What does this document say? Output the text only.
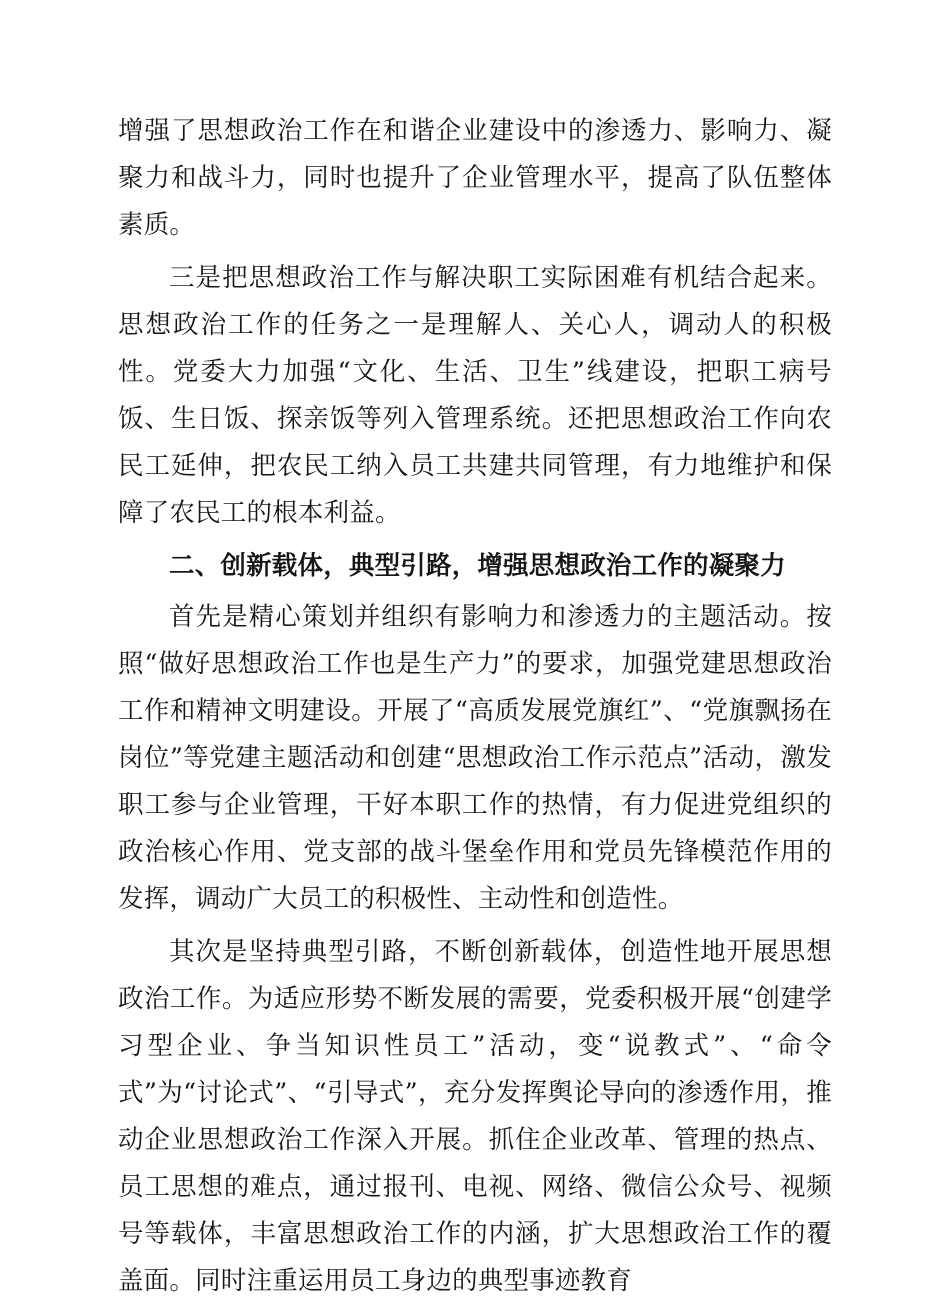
增强了思想政治工作在和谐企业建设中的渗透力、影响力、凝聚力和战斗力，同时也提升了企业管理水平，提高了队伍整体素质。

三是把思想政治工作与解决职工实际困难有机结合起来。思想政治工作的任务之一是理解人、关心人，调动人的积极性。党委大力加强“文化、生活、卫生”线建设，把职工病号饭、生日饭、探亲饭等列入管理系统。还把思想政治工作向农民工延伸，把农民工纳入员工共建共同管理，有力地维护和保障了农民工的根本利益。

二、创新载体，典型引路，增强思想政治工作的凝聚力

首先是精心策划并组织有影响力和渗透力的主题活动。按照“做好思想政治工作也是生产力”的要求，加强党建思想政治工作和精神文明建设。开展了“高质发展党旗红”、“党旗飘扬在岗位”等党建主题活动和创建“思想政治工作示范点”活动，激发职工参与企业管理，干好本职工作的热情，有力促进党组织的政治核心作用、党支部的战斗堡垒作用和党员先锋模范作用的发挥，调动广大员工的积极性、主动性和创造性。

其次是坚持典型引路，不断创新载体，创造性地开展思想政治工作。为适应形势不断发展的需要，党委积极开展“创建学习型企业、争当知识性员工”活动，变“说教式”、“命令式”为“讨论式”、“引导式”，充分发挥舆论导向的渗透作用，推动企业思想政治工作深入开展。抓住企业改革、管理的热点、员工思想的难点，通过报刊、电视、网络、微信公众号、视频号等载体，丰富思想政治工作的内涵，扩大思想政治工作的覆盖面。同时注重运用员工身边的典型事迹教育
